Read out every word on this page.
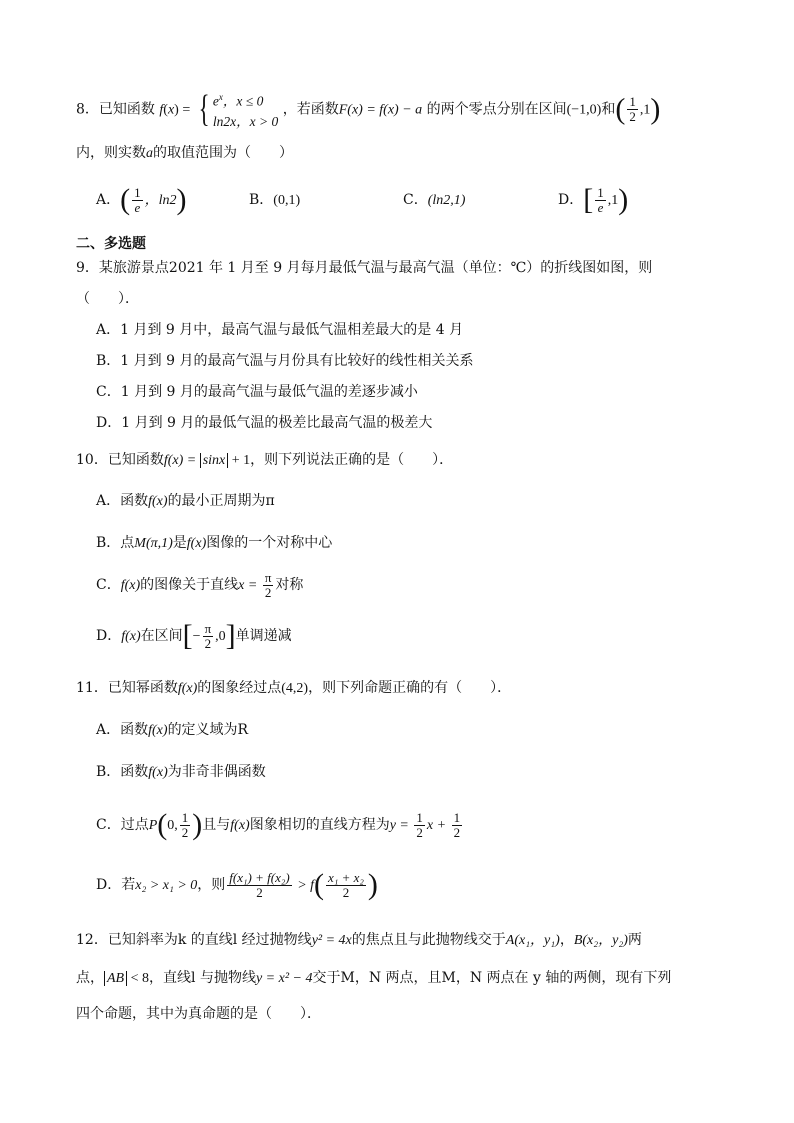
8．已知函数 f(x) = { $e^x$，x ≤ 0
ln2x，x > 0
，若函数F(x) = f(x) − a 的两个零点分别在区间(−1,0)和( $\frac{1}{2} ,1$)
内，则实数a的取值范围为（　　）
A．( $\frac{1}{e}$ ，ln2)	B．(0,1)	C．(ln2,1)	D．[ $\frac{1}{e} ,1$)
二、多选题
9．某旅游景点2021 年 1 月至 9 月每月最低气温与最高气温（单位：℃）的折线图如图，则
（　　）．
A．1 月到 9 月中，最高气温与最低气温相差最大的是 4 月
B．1 月到 9 月的最高气温与月份具有比较好的线性相关关系
C．1 月到 9 月的最高气温与最低气温的差逐步减小
D．1 月到 9 月的最低气温的极差比最高气温的极差大
10．已知函数f(x) = sinx + 1，则下列说法正确的是（　　）．
A．函数f(x)的最小正周期为π
B．点M(π,1)是f(x)图像的一个对称中心
C．f(x)的图像关于直线$x = \frac{\pi}{2}$ 对称
D．f(x)在区间[− $\frac{\pi}{2} ,0$]单调递减
11．已知幂函数f(x)的图象经过点(4,2)，则下列命题正确的有（　　）．
A．函数f(x)的定义域为R
B．函数f(x)为非奇非偶函数
C．过点P(0, $\frac{1}{2}$ )且与f(x)图象相切的直线方程为$y = \frac{1}{2}$ $x + \frac{1}{2}$
D．若x₂ > x₁ > 0，则 $\frac{\text{f(x₁) + f(x₂)}}{2} > f( \frac{\text{x₁ + x₂}}{2}$ )
12．已知斜率为k 的直线l 经过抛物线y² = 4x的焦点且与此抛物线交于A(x₁，y₁)，B(x₂，y₂)两
点， AB < 8，直线l 与抛物线y = x² − 4交于M，N 两点，且M，N 两点在 y 轴的两侧，现有下列
四个命题，其中为真命题的是（　　）．
